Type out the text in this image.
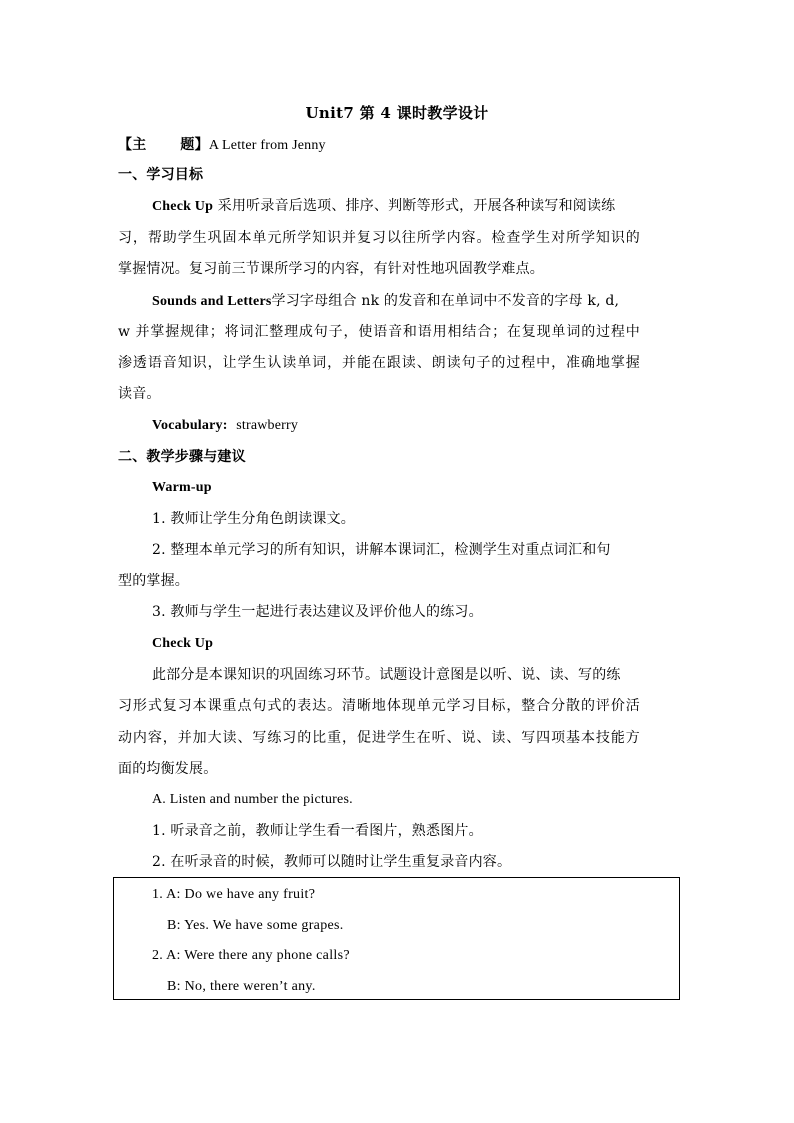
Unit7 第 4 课时教学设计
【主 题】A Letter from Jenny
一、学习目标
Check Up 采用听录音后选项、排序、判断等形式，开展各种读写和阅读练
习，帮助学生巩固本单元所学知识并复习以往所学内容。检查学生对所学知识的
掌握情况。复习前三节课所学习的内容，有针对性地巩固教学难点。
Sounds and Letters学习字母组合 nk 的发音和在单词中不发音的字母 k, d,
w 并掌握规律；将词汇整理成句子，使语音和语用相结合；在复现单词的过程中
渗透语音知识，让学生认读单词，并能在跟读、朗读句子的过程中，准确地掌握
读音。
Vocabulary: strawberry
二、教学步骤与建议
Warm-up
1. 教师让学生分角色朗读课文。
2. 整理本单元学习的所有知识，讲解本课词汇，检测学生对重点词汇和句
型的掌握。
3. 教师与学生一起进行表达建议及评价他人的练习。
Check Up
此部分是本课知识的巩固练习环节。试题设计意图是以听、说、读、写的练
习形式复习本课重点句式的表达。清晰地体现单元学习目标，整合分散的评价活
动内容，并加大读、写练习的比重，促进学生在听、说、读、写四项基本技能方
面的均衡发展。
A. Listen and number the pictures.
1. 听录音之前，教师让学生看一看图片，熟悉图片。
2. 在听录音的时候，教师可以随时让学生重复录音内容。
1. A: Do we have any fruit?
B: Yes. We have some grapes.
2. A: Were there any phone calls?
B: No, there weren’t any.
